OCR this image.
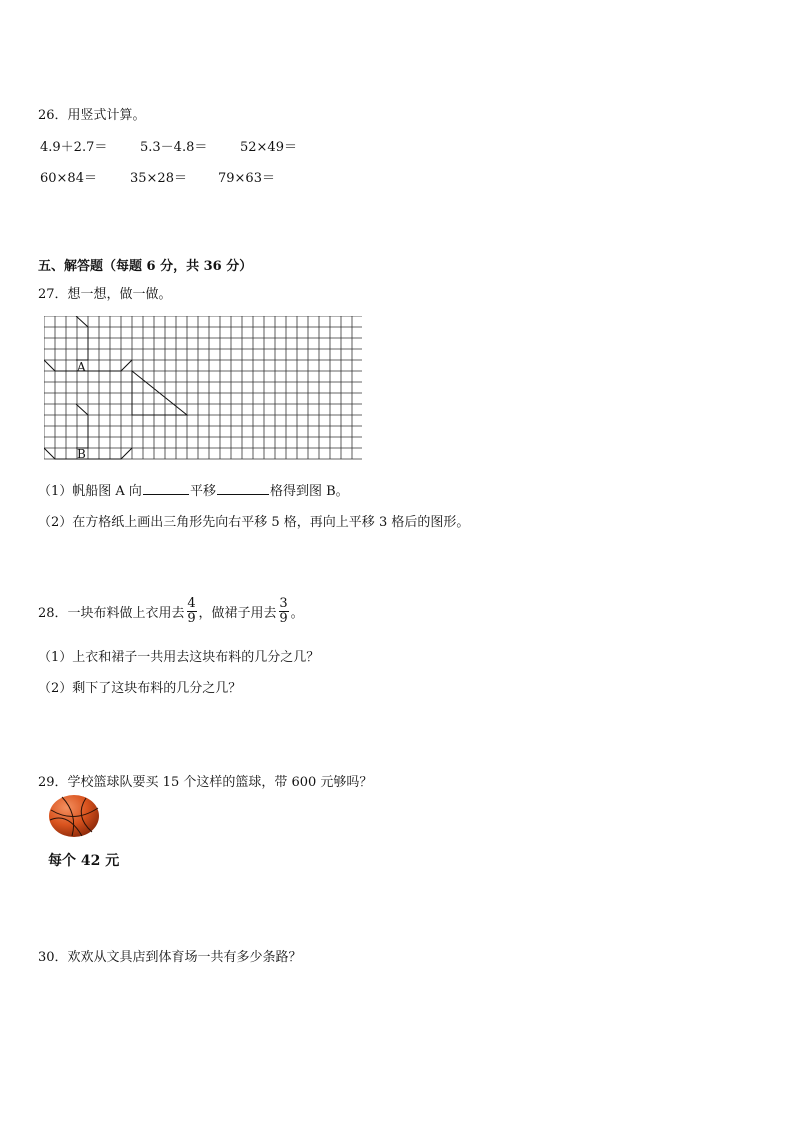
26．用竖式计算。
4.9＋2.7＝	5.3－4.8＝	52×49＝
60×84＝	35×28＝ 79×63＝
五、解答题（每题 6 分，共 36 分）
27．想一想，做一做。
A
B
（1）帆船图 A 向	平移	格得到图 B。
（2）在方格纸上画出三角形先向右平移 5 格，再向上平移 3 格后的图形。
28．一块布料做上衣用去 $\frac{4}{9}$ ，做裙子用去 $\frac{3}{9}$ 。
（1）上衣和裙子一共用去这块布料的几分之几？
（2）剩下了这块布料的几分之几？
29．学校篮球队要买 15 个这样的篮球，带 600 元够吗？
每个 42 元
30．欢欢从文具店到体育场一共有多少条路？
